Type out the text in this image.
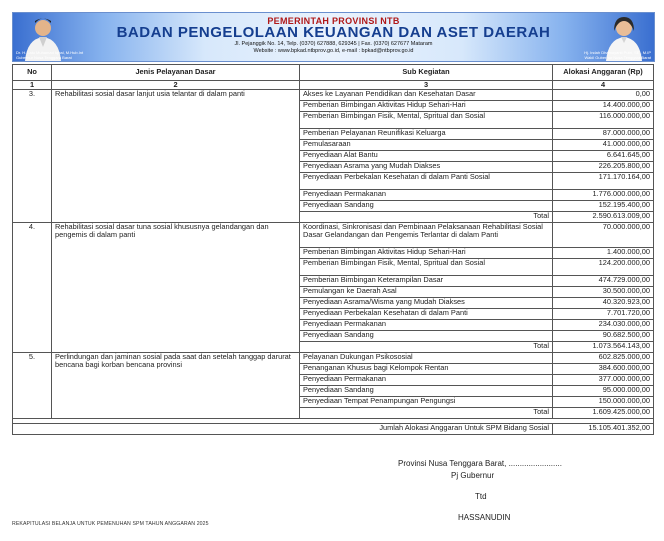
Dr. H. Lalu Muhamad Iqbal, M.Hub.Int
Gubernur Nusa Tenggara Barat
PEMERINTAH PROVINSI NTB
BADAN PENGELOLAAN KEUANGAN DAN ASET DAERAH
Jl. Pejanggik No. 14, Telp. (0370) 627888, 629345 | Fax. (0370) 627677 Mataram
Website : www.bpkad.ntbprov.go.id, e-mail : bpkad@ntbprov.go.id	Hj. Indah Dhamayanti Putri, SE., M.IP
Wakil Gubernur Nusa Tenggara Barat
No	Jenis Pelayanan Dasar	Sub Kegiatan	Alokasi Anggaran (Rp)
1	2	3	4
3.	Rehabilitasi sosial dasar lanjut usia telantar di dalam panti	Akses ke Layanan Pendidikan dan Kesehatan Dasar	0,00
		Pemberian Bimbingan Aktivitas Hidup Sehari-Hari	14.400.000,00
		Pemberian Bimbingan Fisik, Mental, Spritual dan Sosial	116.000.000,00
		Pemberian Pelayanan Reunifikasi Keluarga	87.000.000,00
		Pemulasaraan	41.000.000,00
		Penyediaan Alat Bantu	6.641.645,00
		Penyediaan Asrama yang Mudah Diakses	226.205.800,00
		Penyediaan Perbekalan Kesehatan di dalam Panti Sosial	171.170.164,00
		Penyediaan Permakanan	1.776.000.000,00
		Penyediaan Sandang	152.195.400,00
		Total	2.590.613.009,00
4.	Rehabilitasi sosial dasar tuna sosial khususnya gelandangan dan pengemis di dalam panti	Koordinasi, Sinkronisasi dan Pembinaan Pelaksanaan Rehabilitasi Sosial Dasar Gelandangan dan Pengemis Terlantar di dalam Panti	70.000.000,00
		Pemberian Bimbingan Aktivitas Hidup Sehari-Hari	1.400.000,00
		Pemberian Bimbingan Fisik, Mental, Spritual dan Sosial	124.200.000,00
		Pemberian Bimbingan Keterampilan Dasar	474.729.000,00
		Pemulangan ke Daerah Asal	30.500.000,00
		Penyediaan Asrama/Wisma yang Mudah Diakses	40.320.923,00
		Penyediaan Perbekalan Kesehatan di dalam Panti	7.701.720,00
		Penyediaan Permakanan	234.030.000,00
		Penyediaan Sandang	90.682.500,00
		Total	1.073.564.143,00
5.	Perlindungan dan jaminan sosial pada saat dan setelah tanggap darurat bencana bagi korban bencana provinsi	Pelayanan Dukungan Psikososial	602.825.000,00
		Penanganan Khusus bagi Kelompok Rentan	384.600.000,00
		Penyediaan Permakanan	377.000.000,00
		Penyediaan Sandang	95.000.000,00
		Penyediaan Tempat Penampungan Pengungsi	150.000.000,00
		Total	1.609.425.000,00

Jumlah Alokasi Anggaran Untuk SPM Bidang Sosial			15.105.401.352,00
Provinsi Nusa Tenggara Barat, ........................
Pj Gubernur
Ttd
HASSANUDIN
REKAPITULASI BELANJA UNTUK PEMENUHAN SPM TAHUN ANGGARAN 2025
